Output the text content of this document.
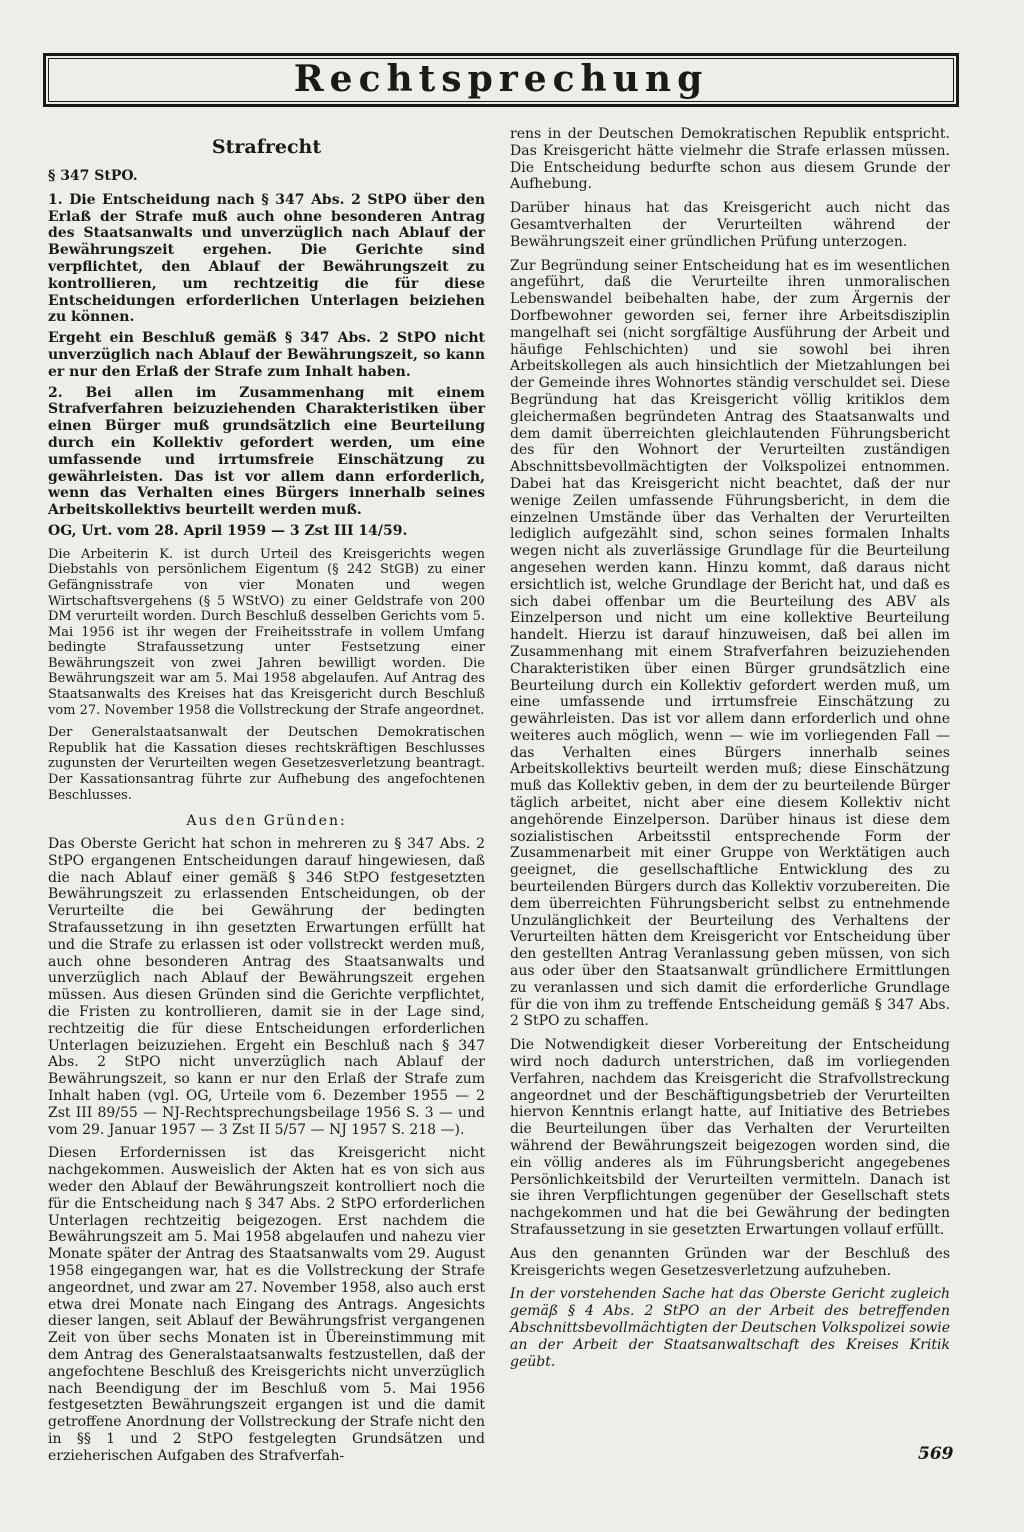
Rechtsprechung
Strafrecht

§ 347 StPO.

1. Die Entscheidung nach § 347 Abs. 2 StPO über den Erlaß der Strafe muß auch ohne besonderen Antrag des Staatsanwalts und unverzüglich nach Ablauf der Bewährungszeit ergehen. Die Gerichte sind verpflichtet, den Ablauf der Bewährungszeit zu kontrollieren, um rechtzeitig die für diese Entscheidungen erforderlichen Unterlagen beiziehen zu können.

Ergeht ein Beschluß gemäß § 347 Abs. 2 StPO nicht unverzüglich nach Ablauf der Bewährungszeit, so kann er nur den Erlaß der Strafe zum Inhalt haben.

2. Bei allen im Zusammenhang mit einem Strafverfahren beizuziehenden Charakteristiken über einen Bürger muß grundsätzlich eine Beurteilung durch ein Kollektiv gefordert werden, um eine umfassende und irrtumsfreie Einschätzung zu gewährleisten. Das ist vor allem dann erforderlich, wenn das Verhalten eines Bürgers innerhalb seines Arbeitskollektivs beurteilt werden muß.

OG, Urt. vom 28. April 1959 — 3 Zst III 14/59.

Die Arbeiterin K. ist durch Urteil des Kreisgerichts wegen Diebstahls von persönlichem Eigentum (§ 242 StGB) zu einer Gefängnisstrafe von vier Monaten und wegen Wirtschaftsvergehens (§ 5 WStVO) zu einer Geldstrafe von 200 DM verurteilt worden. Durch Beschluß desselben Gerichts vom 5. Mai 1956 ist ihr wegen der Freiheitsstrafe in vollem Umfang bedingte Strafaussetzung unter Festsetzung einer Bewährungszeit von zwei Jahren bewilligt worden. Die Bewährungszeit war am 5. Mai 1958 abgelaufen. Auf Antrag des Staatsanwalts des Kreises hat das Kreisgericht durch Beschluß vom 27. November 1958 die Vollstreckung der Strafe angeordnet.

Der Generalstaatsanwalt der Deutschen Demokratischen Republik hat die Kassation dieses rechtskräftigen Beschlusses zugunsten der Verurteilten wegen Gesetzesverletzung beantragt. Der Kassationsantrag führte zur Aufhebung des angefochtenen Beschlusses.

Aus den Gründen:

Das Oberste Gericht hat schon in mehreren zu § 347 Abs. 2 StPO ergangenen Entscheidungen darauf hingewiesen, daß die nach Ablauf einer gemäß § 346 StPO festgesetzten Bewährungszeit zu erlassenden Entscheidungen, ob der Verurteilte die bei Gewährung der bedingten Strafaussetzung in ihn gesetzten Erwartungen erfüllt hat und die Strafe zu erlassen ist oder vollstreckt werden muß, auch ohne besonderen Antrag des Staatsanwalts und unverzüglich nach Ablauf der Bewährungszeit ergehen müssen. Aus diesen Gründen sind die Gerichte verpflichtet, die Fristen zu kontrollieren, damit sie in der Lage sind, rechtzeitig die für diese Entscheidungen erforderlichen Unterlagen beizuziehen. Ergeht ein Beschluß nach § 347 Abs. 2 StPO nicht unverzüglich nach Ablauf der Bewährungszeit, so kann er nur den Erlaß der Strafe zum Inhalt haben (vgl. OG, Urteile vom 6. Dezember 1955 — 2 Zst III 89/55 — NJ-Rechtsprechungsbeilage 1956 S. 3 — und vom 29. Januar 1957 — 3 Zst II 5/57 — NJ 1957 S. 218 —).

Diesen Erfordernissen ist das Kreisgericht nicht nachgekommen. Ausweislich der Akten hat es von sich aus weder den Ablauf der Bewährungszeit kontrolliert noch die für die Entscheidung nach § 347 Abs. 2 StPO erforderlichen Unterlagen rechtzeitig beigezogen. Erst nachdem die Bewährungszeit am 5. Mai 1958 abgelaufen und nahezu vier Monate später der Antrag des Staatsanwalts vom 29. August 1958 eingegangen war, hat es die Vollstreckung der Strafe angeordnet, und zwar am 27. November 1958, also auch erst etwa drei Monate nach Eingang des Antrags. Angesichts dieser langen, seit Ablauf der Bewährungsfrist vergangenen Zeit von über sechs Monaten ist in Übereinstimmung mit dem Antrag des Generalstaatsanwalts festzustellen, daß der angefochtene Beschluß des Kreisgerichts nicht unverzüglich nach Beendigung der im Beschluß vom 5. Mai 1956 festgesetzten Bewährungszeit ergangen ist und die damit getroffene Anordnung der Vollstreckung der Strafe nicht den in §§ 1 und 2 StPO festgelegten Grundsätzen und erzieherischen Aufgaben des Strafverfah-

rens in der Deutschen Demokratischen Republik entspricht. Das Kreisgericht hätte vielmehr die Strafe erlassen müssen. Die Entscheidung bedurfte schon aus diesem Grunde der Aufhebung.

Darüber hinaus hat das Kreisgericht auch nicht das Gesamtverhalten der Verurteilten während der Bewährungszeit einer gründlichen Prüfung unterzogen.

Zur Begründung seiner Entscheidung hat es im wesentlichen angeführt, daß die Verurteilte ihren unmoralischen Lebenswandel beibehalten habe, der zum Ärgernis der Dorfbewohner geworden sei, ferner ihre Arbeitsdisziplin mangelhaft sei (nicht sorgfältige Ausführung der Arbeit und häufige Fehlschichten) und sie sowohl bei ihren Arbeitskollegen als auch hinsichtlich der Mietzahlungen bei der Gemeinde ihres Wohnortes ständig verschuldet sei. Diese Begründung hat das Kreisgericht völlig kritiklos dem gleichermaßen begründeten Antrag des Staatsanwalts und dem damit überreichten gleichlautenden Führungsbericht des für den Wohnort der Verurteilten zuständigen Abschnittsbevollmächtigten der Volkspolizei entnommen. Dabei hat das Kreisgericht nicht beachtet, daß der nur wenige Zeilen umfassende Führungsbericht, in dem die einzelnen Umstände über das Verhalten der Verurteilten lediglich aufgezählt sind, schon seines formalen Inhalts wegen nicht als zuverlässige Grundlage für die Beurteilung angesehen werden kann. Hinzu kommt, daß daraus nicht ersichtlich ist, welche Grundlage der Bericht hat, und daß es sich dabei offenbar um die Beurteilung des ABV als Einzelperson und nicht um eine kollektive Beurteilung handelt. Hierzu ist darauf hinzuweisen, daß bei allen im Zusammenhang mit einem Strafverfahren beizuziehenden Charakteristiken über einen Bürger grundsätzlich eine Beurteilung durch ein Kollektiv gefordert werden muß, um eine umfassende und irrtumsfreie Einschätzung zu gewährleisten. Das ist vor allem dann erforderlich und ohne weiteres auch möglich, wenn — wie im vorliegenden Fall — das Verhalten eines Bürgers innerhalb seines Arbeitskollektivs beurteilt werden muß; diese Einschätzung muß das Kollektiv geben, in dem der zu beurteilende Bürger täglich arbeitet, nicht aber eine diesem Kollektiv nicht angehörende Einzelperson. Darüber hinaus ist diese dem sozialistischen Arbeitsstil entsprechende Form der Zusammenarbeit mit einer Gruppe von Werktätigen auch geeignet, die gesellschaftliche Entwicklung des zu beurteilenden Bürgers durch das Kollektiv vorzubereiten. Die dem überreichten Führungsbericht selbst zu entnehmende Unzulänglichkeit der Beurteilung des Verhaltens der Verurteilten hätten dem Kreisgericht vor Entscheidung über den gestellten Antrag Veranlassung geben müssen, von sich aus oder über den Staatsanwalt gründlichere Ermittlungen zu veranlassen und sich damit die erforderliche Grundlage für die von ihm zu treffende Entscheidung gemäß § 347 Abs. 2 StPO zu schaffen.

Die Notwendigkeit dieser Vorbereitung der Entscheidung wird noch dadurch unterstrichen, daß im vorliegenden Verfahren, nachdem das Kreisgericht die Strafvollstreckung angeordnet und der Beschäftigungsbetrieb der Verurteilten hiervon Kenntnis erlangt hatte, auf Initiative des Betriebes die Beurteilungen über das Verhalten der Verurteilten während der Bewährungszeit beigezogen worden sind, die ein völlig anderes als im Führungsbericht angegebenes Persönlichkeitsbild der Verurteilten vermitteln. Danach ist sie ihren Verpflichtungen gegenüber der Gesellschaft stets nachgekommen und hat die bei Gewährung der bedingten Strafaussetzung in sie gesetzten Erwartungen vollauf erfüllt.

Aus den genannten Gründen war der Beschluß des Kreisgerichts wegen Gesetzesverletzung aufzuheben.

In der vorstehenden Sache hat das Oberste Gericht zugleich gemäß § 4 Abs. 2 StPO an der Arbeit des betreffenden Abschnittsbevollmächtigten der Deutschen Volkspolizei sowie an der Arbeit der Staatsanwaltschaft des Kreises Kritik geübt.

569
